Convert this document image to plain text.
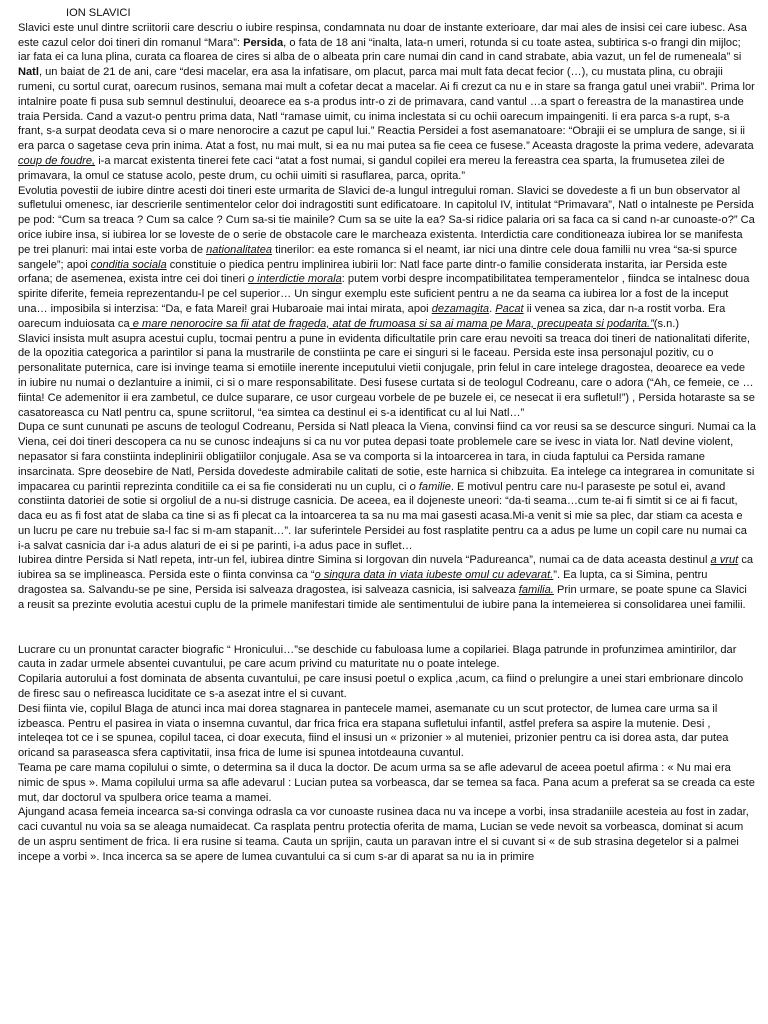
ION SLAVICI

Slavici este unul dintre scriitorii care descriu o iubire respinsa, condamnata nu doar de instante exterioare, dar mai ales de insisi cei care iubesc. Asa este cazul celor doi tineri din romanul “Mara”: Persida, o fata de 18 ani “inalta, lata-n umeri, rotunda si cu toate astea, subtirica s-o frangi din mijloc; iar fata ei ca luna plina, curata ca floarea de cires si alba de o albeata prin care numai din cand in cand strabate, abia vazut, un fel de rumeneala” si Natl, un baiat de 21 de ani, care “desi macelar, era asa la infatisare, om placut, parca mai mult fata decat fecior (…), cu mustata plina, cu obrajii rumeni, cu sortul curat, oarecum rusinos, semana mai mult a cofetar decat a macelar. Ai fi crezut ca nu e in stare sa franga gatul unei vrabii”. Prima lor intalnire poate fi pusa sub semnul destinului, deoarece ea s-a produs intr-o zi de primavara, cand vantul …a spart o fereastra de la manastirea unde traia Persida. Cand a vazut-o pentru prima data, Natl “ramase uimit, cu inima inclestata si cu ochii oarecum impaingeniti. Ii era parca s-a rupt, s-a frant, s-a surpat deodata ceva si o mare nenorocire a cazut pe capul lui.” Reactia Persidei a fost asemanatoare: “Obrajii ei se umplura de sange, si ii era parca o sagetase ceva prin inima. Atat a fost, nu mai mult, si ea nu mai putea sa fie ceea ce fusese.” Aceasta dragoste la prima vedere, adevarata coup de foudre, i-a marcat existenta tinerei fete caci “atat a fost numai, si gandul copilei era mereu la fereastra cea sparta, la frumusetea zilei de primavara, la omul ce statuse acolo, peste drum, cu ochii uimiti si rasuflarea, parca, oprita.”

Evolutia povestii de iubire dintre acesti doi tineri este urmarita de Slavici de-a lungul intregului roman. Slavici se dovedeste a fi un bun observator al sufletului omenesc, iar descrierile sentimentelor celor doi indragostiti sunt edificatoare. In capitolul IV, intitulat “Primavara”, Natl o intalneste pe Persida pe pod: “Cum sa treaca ? Cum sa calce ? Cum sa-si tie mainile? Cum sa se uite la ea? Sa-si ridice palaria ori sa faca ca si cand n-ar cunoaste-o?” Ca orice iubire insa, si iubirea lor se loveste de o serie de obstacole care le marcheaza existenta. Interdictia care conditioneaza iubirea lor se manifesta pe trei planuri: mai intai este vorba de nationalitatea tinerilor: ea este romanca si el neamt, iar nici una dintre cele doua familii nu vrea “sa-si spurce sangele”; apoi conditia sociala constituie o piedica pentru implinirea iubirii lor: Natl face parte dintr-o familie considerata instarita, iar Persida este orfana; de asemenea, exista intre cei doi tineri o interdictie morala: putem vorbi despre incompatibilitatea temperamentelor , fiindca se intalnesc doua spirite diferite, femeia reprezentandu-l pe cel superior… Un singur exemplu este suficient pentru a ne da seama ca iubirea lor a fost de la inceput una… imposibila si interzisa: “Da, e fata Marei! grai Hubaroaie mai intai mirata, apoi dezamagita. Pacat ii venea sa zica, dar n-a rostit vorba. Era oarecum induiosata ca e mare nenorocire sa fii atat de frageda, atat de frumoasa si sa ai mama pe Mara, precupeata si podarita.”(s.n.)

Slavici insista mult asupra acestui cuplu, tocmai pentru a pune in evidenta dificultatile prin care erau nevoiti sa treaca doi tineri de nationalitati diferite, de la opozitia categorica a parintilor si pana la mustrarile de constiinta pe care ei singuri si le faceau. Persida este insa personajul pozitiv, cu o personalitate puternica, care isi invinge teama si emotiile inerente inceputului vietii conjugale, prin felul in care intelege dragostea, deoarece ea vede in iubire nu numai o dezlantuire a inimii, ci si o mare responsabilitate. Desi fusese curtata si de teologul Codreanu, care o adora (“Ah, ce femeie, ce …fiinta! Ce ademenitor ii era zambetul, ce dulce suparare, ce usor curgeau vorbele de pe buzele ei, ce nesecat ii era sufletul!”) , Persida hotaraste sa se casatoreasca cu Natl pentru ca, spune scriitorul, “ea simtea ca destinul ei s-a identificat cu al lui Natl…”

Dupa ce sunt cununati pe ascuns de teologul Codreanu, Persida si Natl pleaca la Viena, convinsi fiind ca vor reusi sa se descurce singuri. Numai ca la Viena, cei doi tineri descopera ca nu se cunosc indeajuns si ca nu vor putea depasi toate problemele care se ivesc in viata lor. Natl devine violent, nepasator si fara constiinta indeplinirii obligatiilor conjugale. Asa se va comporta si la intoarcerea in tara, in ciuda faptului ca Persida ramane insarcinata. Spre deosebire de Natl, Persida dovedeste admirabile calitati de sotie, este harnica si chibzuita. Ea intelege ca integrarea in comunitate si impacarea cu parintii reprezinta conditiile ca ei sa fie considerati nu un cuplu, ci o familie. E motivul pentru care nu-l paraseste pe sotul ei, avand constiinta datoriei de sotie si orgoliul de a nu-si distruge casnicia. De aceea, ea il dojeneste uneori: “da-ti seama…cum te-ai fi simtit si ce ai fi facut, daca eu as fi fost atat de slaba ca tine si as fi plecat ca la intoarcerea ta sa nu ma mai gasesti acasa.Mi-a venit si mie sa plec, dar stiam ca acesta e un lucru pe care nu trebuie sa-l fac si m-am stapanit…”. Iar suferintele Persidei au fost rasplatite pentru ca a adus pe lume un copil care nu numai ca i-a salvat casnicia dar i-a adus alaturi de ei si pe parinti, i-a adus pace in suflet…

Iubirea dintre Persida si Natl repeta, intr-un fel, iubirea dintre Simina si Iorgovan din nuvela “Padureanca”, numai ca de data aceasta destinul a vrut ca iubirea sa se implineasca. Persida este o fiinta convinsa ca “o singura data in viata iubeste omul cu adevarat.”. Ea lupta, ca si Simina, pentru dragostea sa. Salvandu-se pe sine, Persida isi salveaza dragostea, isi salveaza casnicia, isi salveaza familia. Prin urmare, se poate spune ca Slavici a reusit sa prezinte evolutia acestui cuplu de la primele manifestari timide ale sentimentului de iubire pana la intemeierea si consolidarea unei familii.

Lucrare cu un pronuntat caracter biografic “ Hronicului…”se deschide cu fabuloasa lume a copilariei. Blaga patrunde in profunzimea amintirilor, dar cauta in zadar urmele absentei cuvantului, pe care acum privind cu maturitate nu o poate intelege.

Copilaria autorului a fost dominata de absenta cuvantului, pe care insusi poetul o explica ,acum, ca fiind o prelungire a unei stari embrionare dincolo de firesc sau o nefireasca luciditate ce s-a asezat intre el si cuvant.

Desi fiinta vie, copilul Blaga de atunci inca mai dorea stagnarea in pantecele mamei, asemanate cu un scut protector, de lumea care urma sa il izbeasca. Pentru el pasirea in viata o insemna cuvantul, dar frica frica era stapana sufletului infantil, astfel prefera sa aspire la mutenie. Desi , inteleqea tot ce i se spunea, copilul tacea, ci doar executa, fiind el insusi un « prizonier » al muteniei, prizonier pentru ca isi dorea asta, dar putea oricand sa paraseasca sfera captivitatii, insa frica de lume isi spunea intotdeauna cuvantul.

Teama pe care mama copilului o simte, o determina sa il duca la doctor. De acum urma sa se afle adevarul de aceea poetul afirma : « Nu mai era nimic de spus ». Mama copilului urma sa afle adevarul : Lucian putea sa vorbeasca, dar se temea sa faca. Pana acum a preferat sa se creada ca este mut, dar doctorul va spulbera orice teama a mamei.

Ajungand acasa femeia incearca sa-si convinga odrasla ca vor cunoaste rusinea daca nu va incepe a vorbi, insa stradaniile acesteia au fost in zadar, caci cuvantul nu voia sa se aleaga numaidecat. Ca rasplata pentru protectia oferita de mama, Lucian se vede nevoit sa vorbeasca, dominat si acum de un aspru sentiment de frica. Ii era rusine si teama. Cauta un sprijin, cauta un paravan intre el si cuvant si « de sub strasina degetelor si a palmei incepe a vorbi ». Inca incerca sa se apere de lumea cuvantului ca si cum s-ar di aparat sa nu ia in primire
